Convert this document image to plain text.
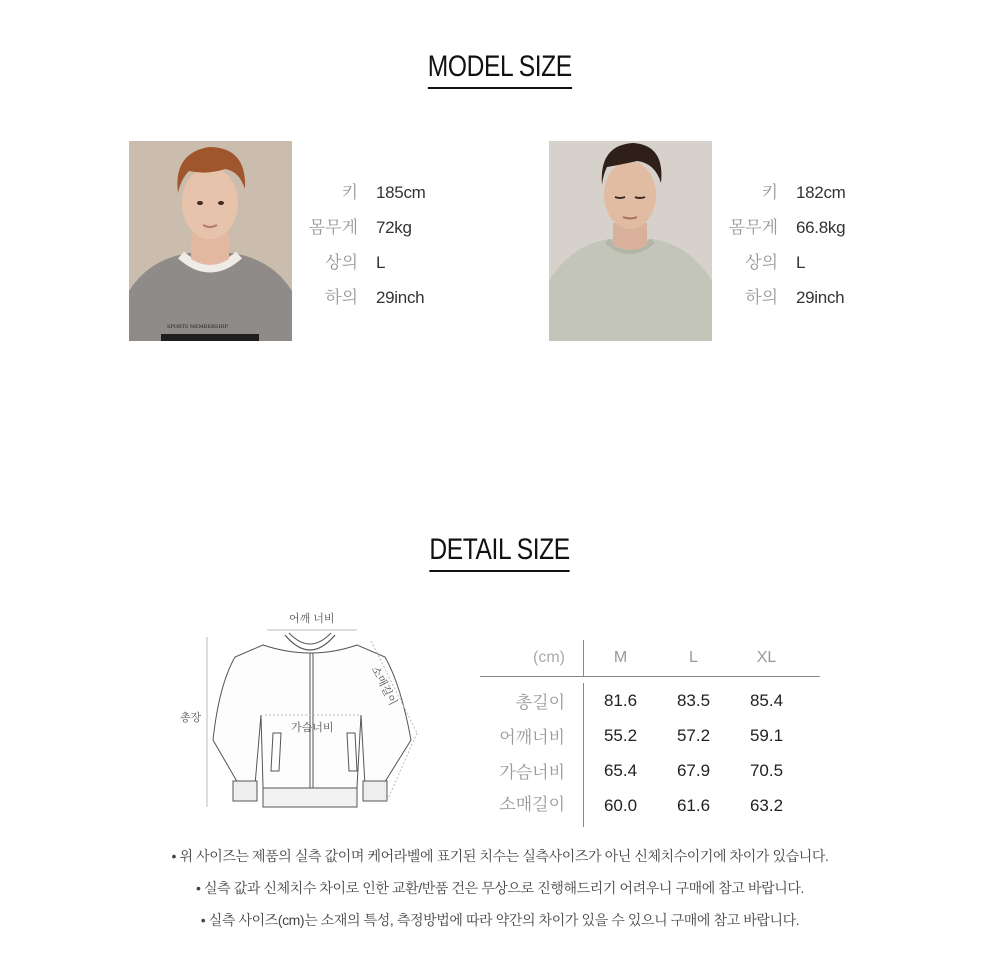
MODEL SIZE
SPORTS MEMBERSHIP
키	185cm
몸무게	72kg
상의	L
하의	29inch
키	182cm
몸무게	66.8kg
상의	L
하의	29inch
DETAIL SIZE
어깨 너비
소매길이
총장
가슴너비
(cm)	M	L	XL
총길이	81.6	83.5	85.4
어깨너비	55.2	57.2	59.1
가슴너비	65.4	67.9	70.5
소매길이	60.0	61.6	63.2
• 위 사이즈는 제품의 실측 값이며 케어라벨에 표기된 치수는 실측사이즈가 아닌 신체치수이기에 차이가 있습니다.
• 실측 값과 신체치수 차이로 인한 교환/반품 건은 무상으로 진행해드리기 어려우니 구매에 참고 바랍니다.
• 실측 사이즈(cm)는 소재의 특성, 측정방법에 따라 약간의 차이가 있을 수 있으니 구매에 참고 바랍니다.
